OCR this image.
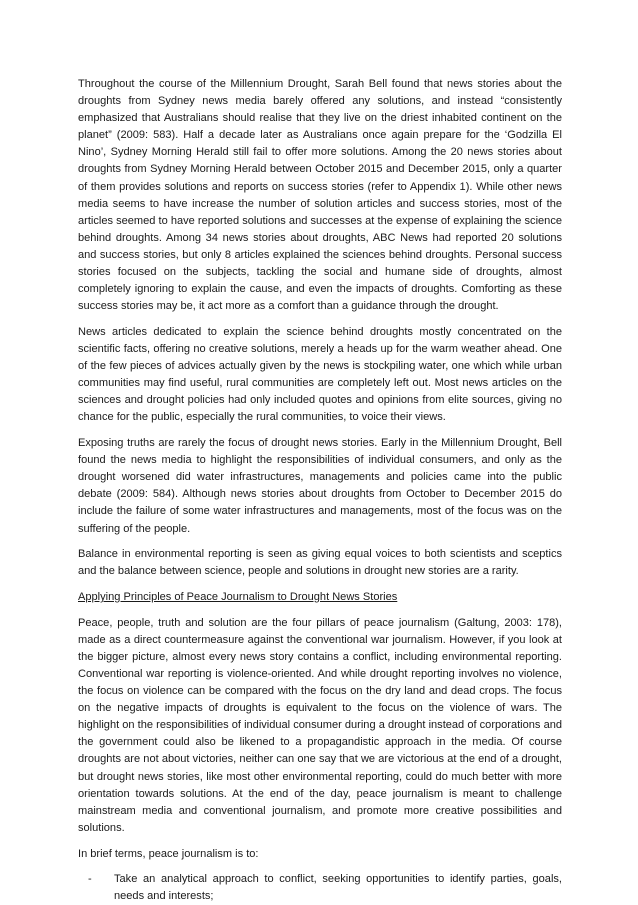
Throughout the course of the Millennium Drought, Sarah Bell found that news stories about the droughts from Sydney news media barely offered any solutions, and instead “consistently emphasized that Australians should realise that they live on the driest inhabited continent on the planet” (2009: 583). Half a decade later as Australians once again prepare for the ‘Godzilla El Nino’, Sydney Morning Herald still fail to offer more solutions. Among the 20 news stories about droughts from Sydney Morning Herald between October 2015 and December 2015, only a quarter of them provides solutions and reports on success stories (refer to Appendix 1). While other news media seems to have increase the number of solution articles and success stories, most of the articles seemed to have reported solutions and successes at the expense of explaining the science behind droughts. Among 34 news stories about droughts, ABC News had reported 20 solutions and success stories, but only 8 articles explained the sciences behind droughts. Personal success stories focused on the subjects, tackling the social and humane side of droughts, almost completely ignoring to explain the cause, and even the impacts of droughts. Comforting as these success stories may be, it act more as a comfort than a guidance through the drought.

News articles dedicated to explain the science behind droughts mostly concentrated on the scientific facts, offering no creative solutions, merely a heads up for the warm weather ahead. One of the few pieces of advices actually given by the news is stockpiling water, one which while urban communities may find useful, rural communities are completely left out. Most news articles on the sciences and drought policies had only included quotes and opinions from elite sources, giving no chance for the public, especially the rural communities, to voice their views.

Exposing truths are rarely the focus of drought news stories. Early in the Millennium Drought, Bell found the news media to highlight the responsibilities of individual consumers, and only as the drought worsened did water infrastructures, managements and policies came into the public debate (2009: 584). Although news stories about droughts from October to December 2015 do include the failure of some water infrastructures and managements, most of the focus was on the suffering of the people.

Balance in environmental reporting is seen as giving equal voices to both scientists and sceptics and the balance between science, people and solutions in drought new stories are a rarity.

Applying Principles of Peace Journalism to Drought News Stories

Peace, people, truth and solution are the four pillars of peace journalism (Galtung, 2003: 178), made as a direct countermeasure against the conventional war journalism. However, if you look at the bigger picture, almost every news story contains a conflict, including environmental reporting. Conventional war reporting is violence-oriented. And while drought reporting involves no violence, the focus on violence can be compared with the focus on the dry land and dead crops. The focus on the negative impacts of droughts is equivalent to the focus on the violence of wars. The highlight on the responsibilities of individual consumer during a drought instead of corporations and the government could also be likened to a propagandistic approach in the media. Of course droughts are not about victories, neither can one say that we are victorious at the end of a drought, but drought news stories, like most other environmental reporting, could do much better with more orientation towards solutions. At the end of the day, peace journalism is meant to challenge mainstream media and conventional journalism, and promote more creative possibilities and solutions.

In brief terms, peace journalism is to:

- Take an analytical approach to conflict, seeking opportunities to identify parties, goals, needs and interests;
